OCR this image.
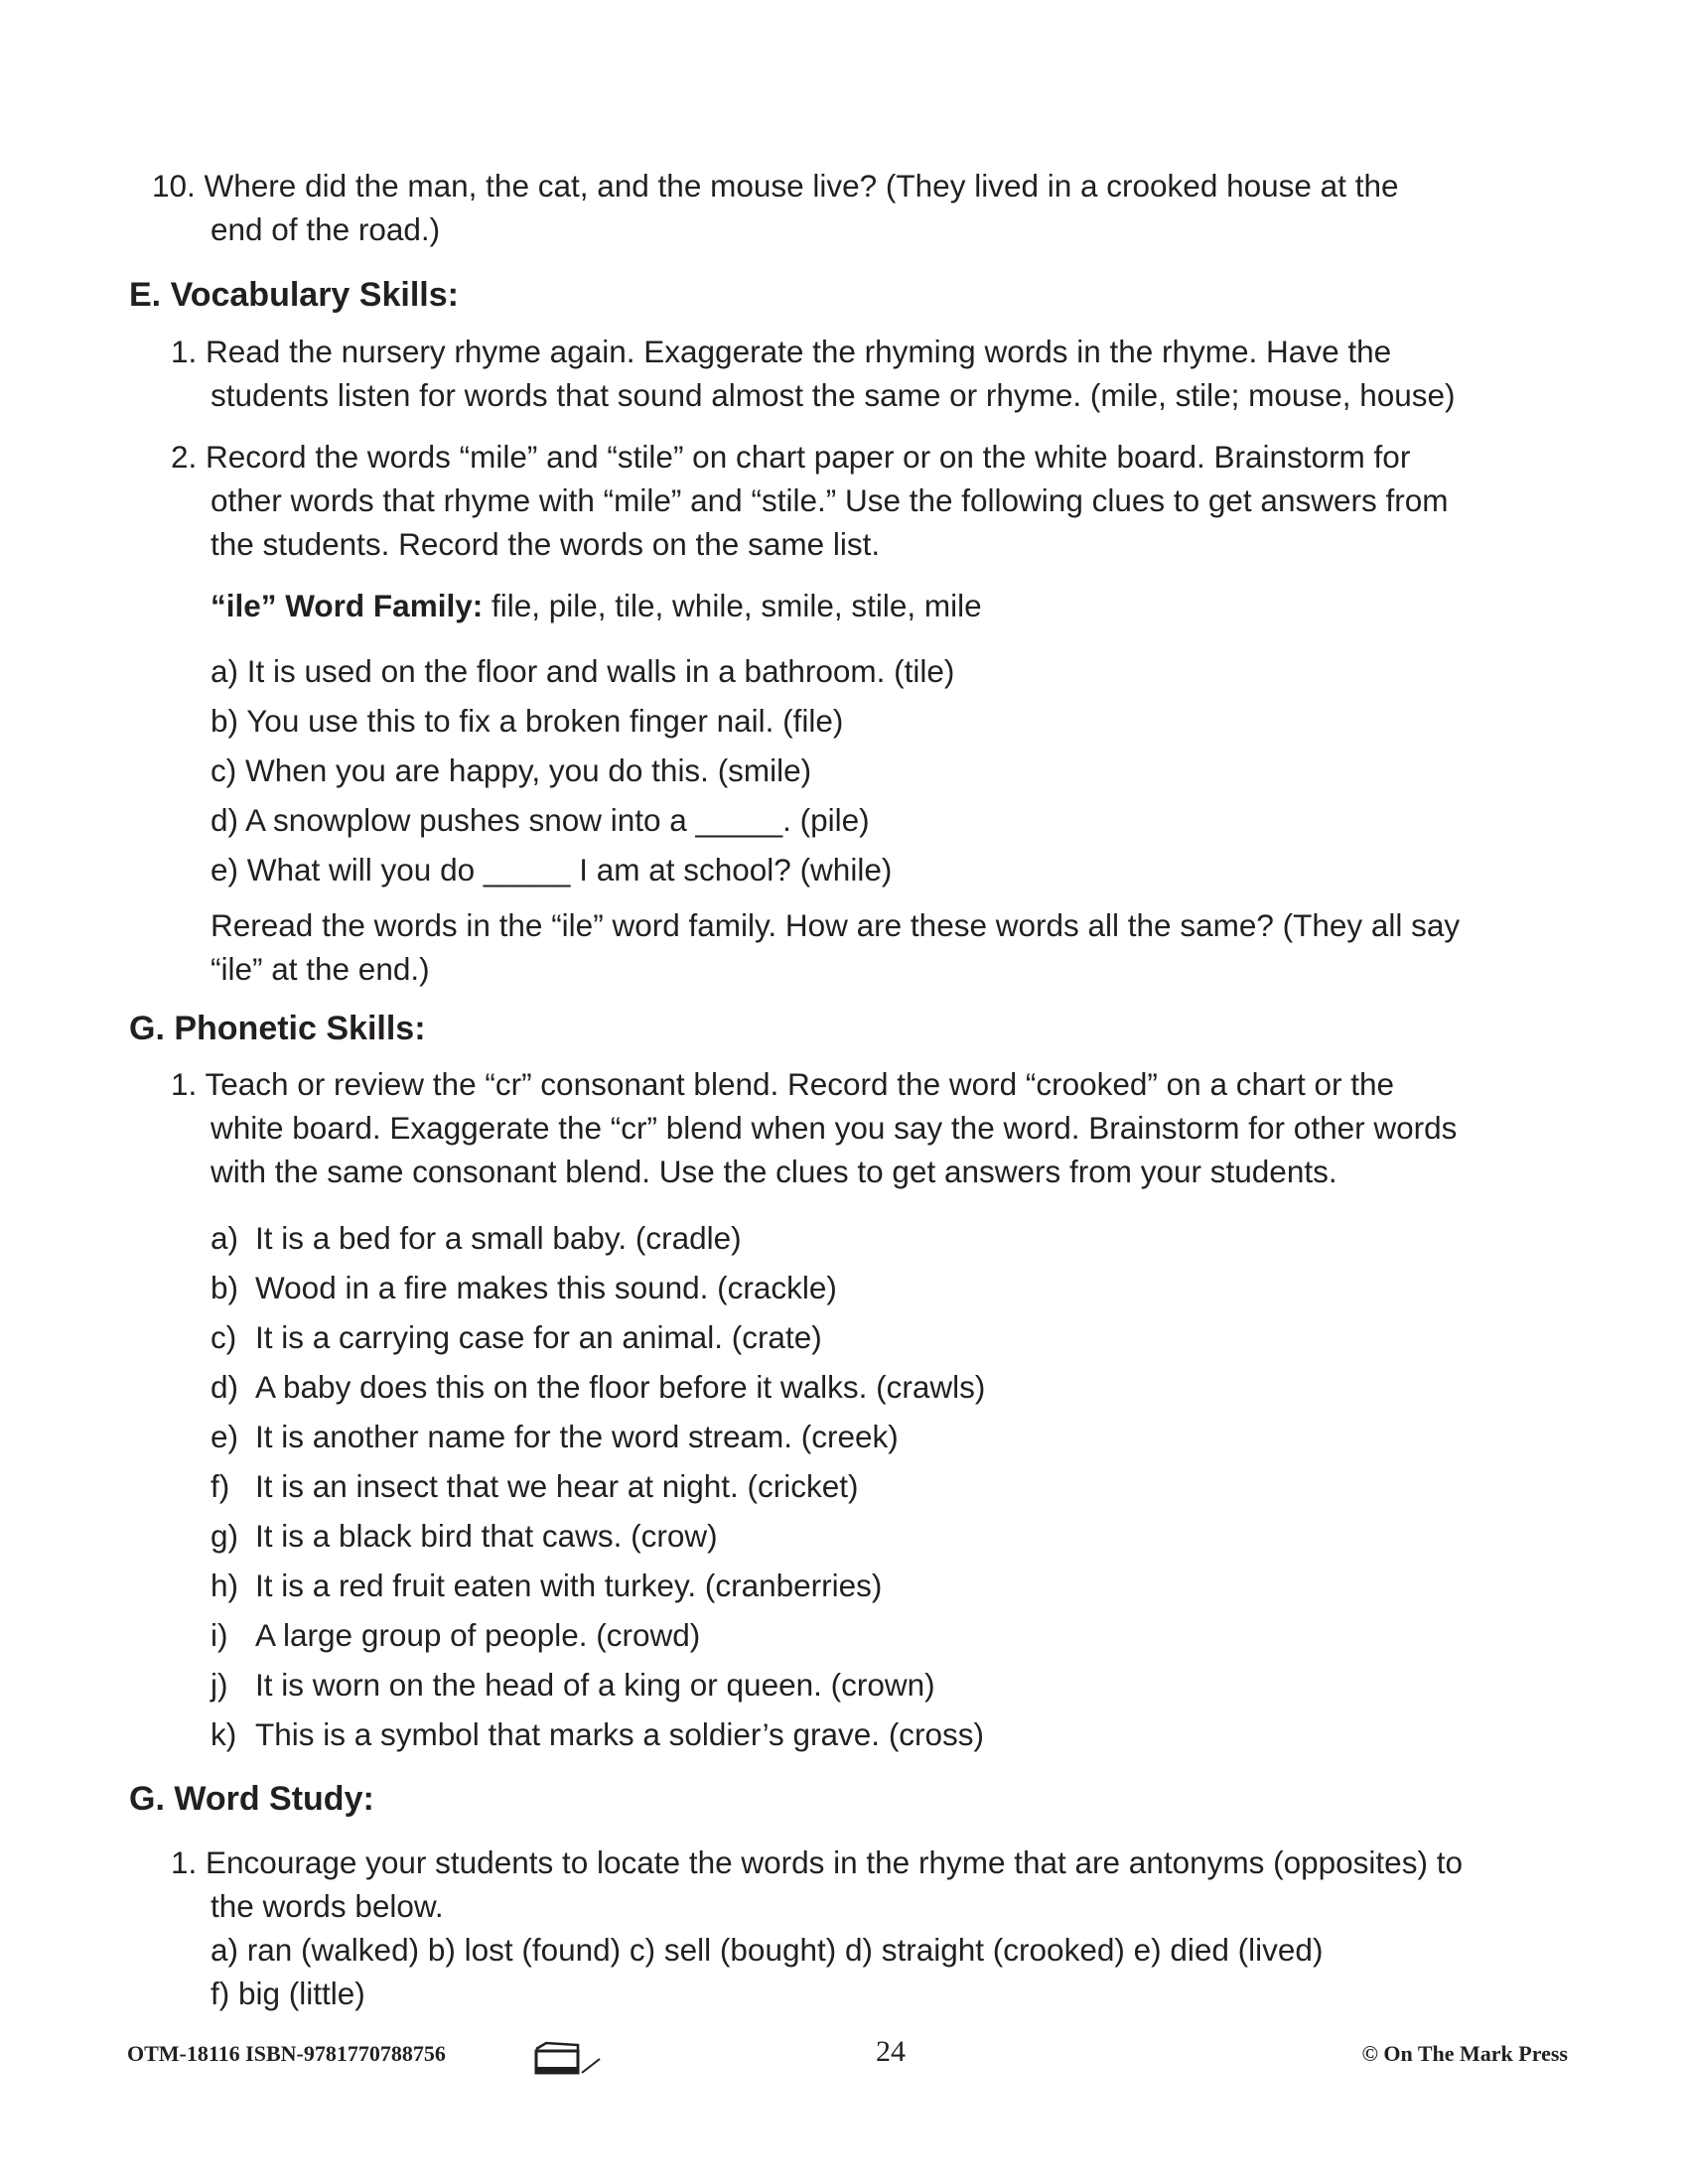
10. Where did the man, the cat, and the mouse live? (They lived in a crooked house at the
end of the road.)
E. Vocabulary Skills:
1. Read the nursery rhyme again. Exaggerate the rhyming words in the rhyme. Have the
students listen for words that sound almost the same or rhyme. (mile, stile; mouse, house)
2. Record the words “mile” and “stile” on chart paper or on the white board. Brainstorm for
other words that rhyme with “mile” and “stile.” Use the following clues to get answers from
the students. Record the words on the same list.
“ile” Word Family: file, pile, tile, while, smile, stile, mile
a) It is used on the floor and walls in a bathroom. (tile)
b) You use this to fix a broken finger nail. (file)
c) When you are happy, you do this. (smile)
d) A snowplow pushes snow into a _____. (pile)
e) What will you do _____ I am at school? (while)
Reread the words in the “ile” word family. How are these words all the same? (They all say
“ile” at the end.)
G. Phonetic Skills:
1. Teach or review the “cr” consonant blend. Record the word “crooked” on a chart or the
white board. Exaggerate the “cr” blend when you say the word. Brainstorm for other words
with the same consonant blend. Use the clues to get answers from your students.
a) It is a bed for a small baby. (cradle)
b) Wood in a fire makes this sound. (crackle)
c) It is a carrying case for an animal. (crate)
d) A baby does this on the floor before it walks. (crawls)
e) It is another name for the word stream. (creek)
f) It is an insect that we hear at night. (cricket)
g) It is a black bird that caws. (crow)
h) It is a red fruit eaten with turkey. (cranberries)
i) A large group of people. (crowd)
j) It is worn on the head of a king or queen. (crown)
k) This is a symbol that marks a soldier’s grave. (cross)
G. Word Study:
1. Encourage your students to locate the words in the rhyme that are antonyms (opposites) to
the words below.
a) ran (walked) b) lost (found) c) sell (bought) d) straight (crooked) e) died (lived)
f) big (little)
OTM-18116 ISBN-9781770788756	24	© On The Mark Press
